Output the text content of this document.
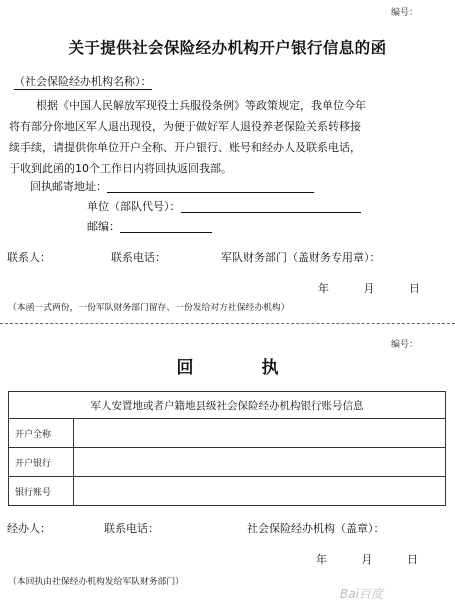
编号：
关于提供社会保险经办机构开户银行信息的函
（社会保险经办机构名称）：
根据《中国人民解放军现役士兵服役条例》等政策规定，我单位今年
将有部分你地区军人退出现役，为便于做好军人退役养老保险关系转移接
续手续，请提供你单位开户全称、开户银行、账号和经办人及联系电话，
于收到此函的10个工作日内将回执返回我部。
回执邮寄地址：
单位（部队代号）：
邮编：
联系人：	联系电话：	军队财务部门（盖财务专用章）：
年	月	日
（本函一式两份，一份军队财务部门留存、一份发给对方社保经办机构）
编号：
回	执
军人安置地或者户籍地县级社会保险经办机构银行账号信息	
开户全称	
开户银行	
银行账号	
经办人：	联系电话：	社会保险经办机构（盖章）：
年	月	日
（本回执由社保经办机构发给军队财务部门）
Bai百度
